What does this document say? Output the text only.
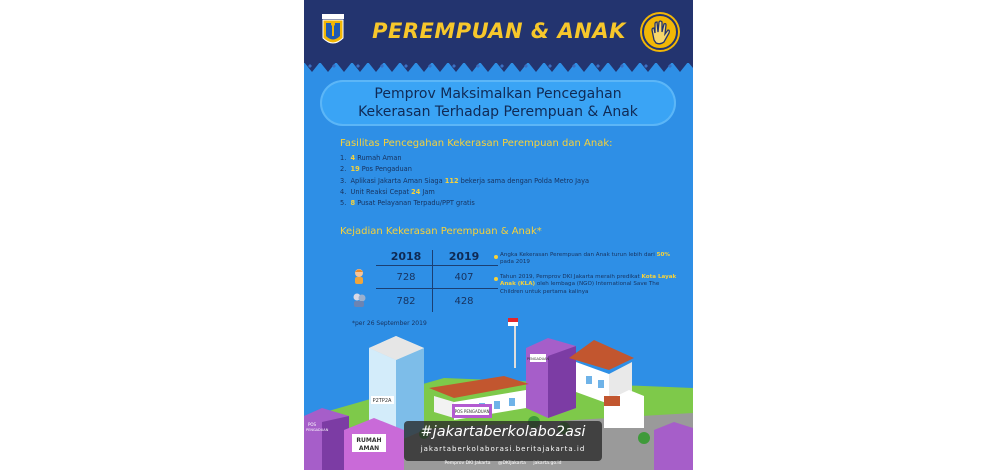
PEREMPUAN & ANAK
Pemprov Maksimalkan Pencegahan
Kekerasan Terhadap Perempuan & Anak
Fasilitas Pencegahan Kekerasan Perempuan dan Anak:
1. 4 Rumah Aman
2. 19 Pos Pengaduan
3. Aplikasi Jakarta Aman Siaga 112 bekerja sama dengan Polda Metro Jaya
4. Unit Reaksi Cepat 24 Jam
5. 8 Pusat Pelayanan Terpadu/PPT gratis
Kejadian Kekerasan Perempuan & Anak*
2018	2019
728	407
782	428
*per 26 September 2019
Angka Kekerasan Perempuan dan Anak turun lebih dari 50% pada 2019
Tahun 2019, Pemprov DKI Jakarta meraih predikat Kota Layak Anak (KLA) oleh lembaga (NGO) International Save The Children untuk pertama kalinya
P2TP2A
PENGADUAN
POS
PENGADUAN
RUMAH
AMAN
POS PENGADUAN
#jakartaberkolabo2asi
jakartaberkolaborasi.beritajakarta.id
Pemprov DKI Jakarta @DKIJakarta jakarta.go.id
